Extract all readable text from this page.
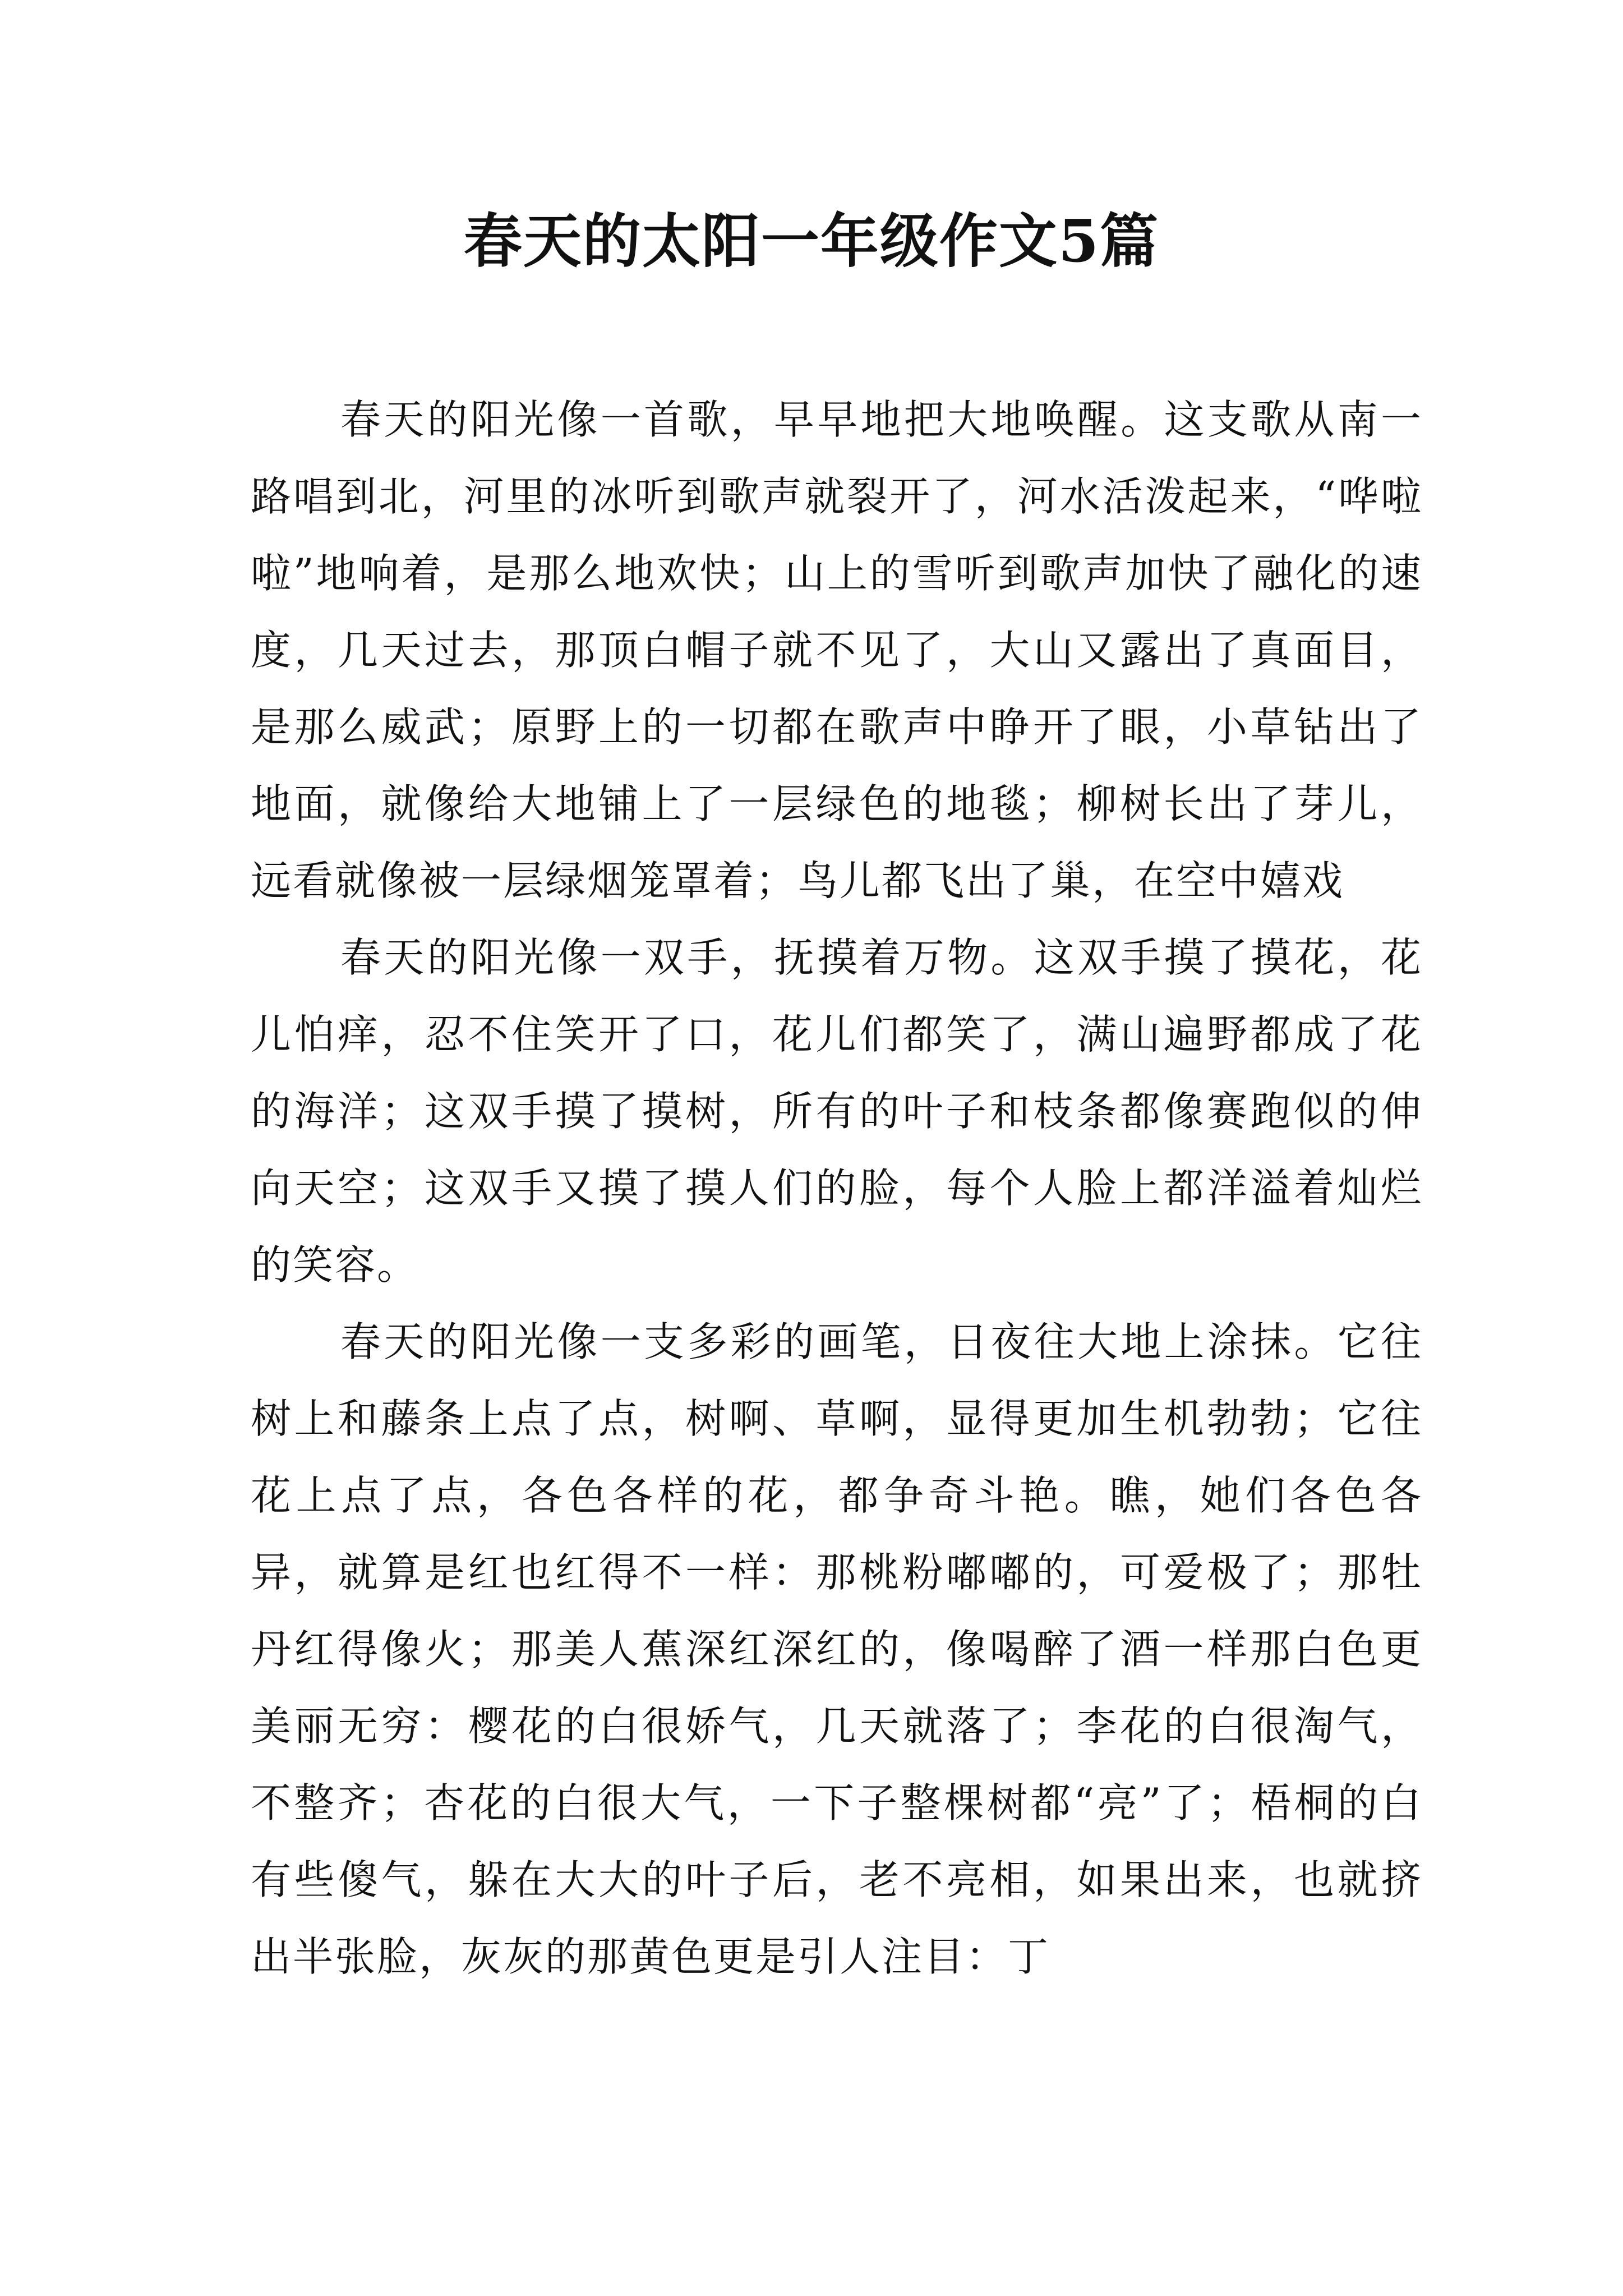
春天的太阳一年级作文5篇

春天的阳光像一首歌，早早地把大地唤醒。这支歌从南一路唱到北，河里的冰听到歌声就裂开了，河水活泼起来，“哗啦啦”地响着，是那么地欢快；山上的雪听到歌声加快了融化的速度，几天过去，那顶白帽子就不见了，大山又露出了真面目，是那么威武；原野上的一切都在歌声中睁开了眼，小草钻出了地面，就像给大地铺上了一层绿色的地毯；柳树长出了芽儿，远看就像被一层绿烟笼罩着；鸟儿都飞出了巢，在空中嬉戏

春天的阳光像一双手，抚摸着万物。这双手摸了摸花，花儿怕痒，忍不住笑开了口，花儿们都笑了，满山遍野都成了花的海洋；这双手摸了摸树，所有的叶子和枝条都像赛跑似的伸向天空；这双手又摸了摸人们的脸，每个人脸上都洋溢着灿烂的笑容。

春天的阳光像一支多彩的画笔，日夜往大地上涂抹。它往树上和藤条上点了点，树啊、草啊，显得更加生机勃勃；它往花上点了点，各色各样的花，都争奇斗艳。瞧，她们各色各异，就算是红也红得不一样：那桃粉嘟嘟的，可爱极了；那牡丹红得像火；那美人蕉深红深红的，像喝醉了酒一样那白色更美丽无穷：樱花的白很娇气，几天就落了；李花的白很淘气，不整齐；杏花的白很大气，一下子整棵树都“亮”了；梧桐的白有些傻气，躲在大大的叶子后，老不亮相，如果出来，也就挤出半张脸，灰灰的那黄色更是引人注目：丁
